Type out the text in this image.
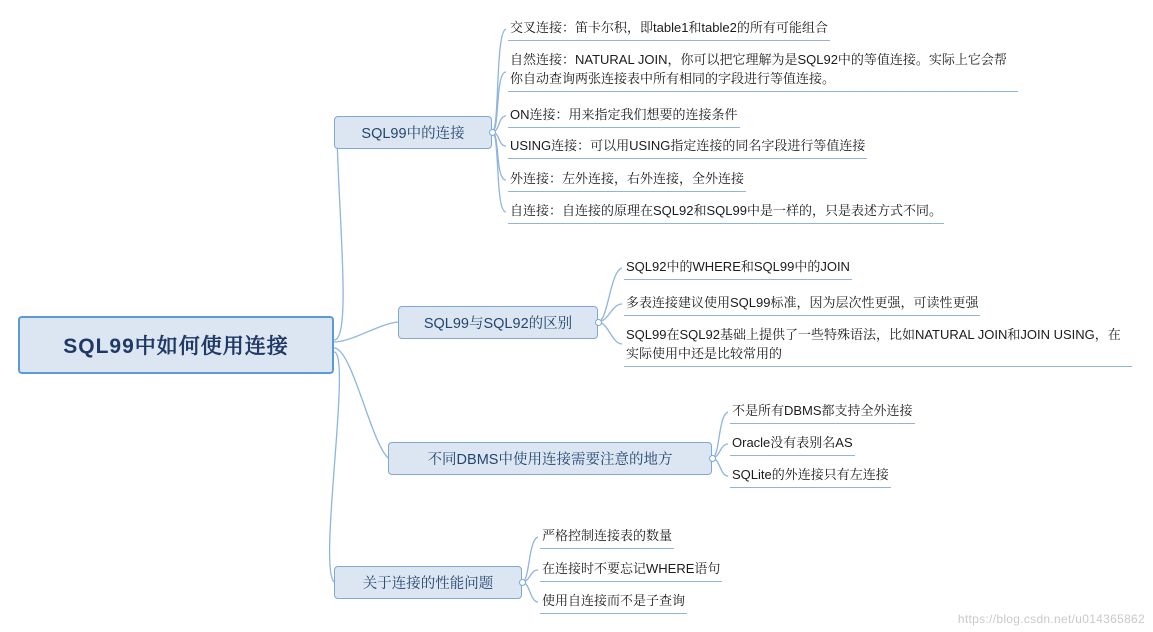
SQL99中如何使用连接
SQL99中的连接
交叉连接：笛卡尔积，即table1和table2的所有可能组合
自然连接：NATURAL JOIN，你可以把它理解为是SQL92中的等值连接。实际上它会帮你自动查询两张连接表中所有相同的字段进行等值连接。
ON连接：用来指定我们想要的连接条件
USING连接：可以用USING指定连接的同名字段进行等值连接
外连接：左外连接，右外连接，全外连接
自连接：自连接的原理在SQL92和SQL99中是一样的，只是表述方式不同。
SQL99与SQL92的区别
SQL92中的WHERE和SQL99中的JOIN
多表连接建议使用SQL99标准，因为层次性更强，可读性更强
SQL99在SQL92基础上提供了一些特殊语法，比如NATURAL JOIN和JOIN USING，在实际使用中还是比较常用的
不同DBMS中使用连接需要注意的地方
不是所有DBMS都支持全外连接
Oracle没有表别名AS
SQLite的外连接只有左连接
关于连接的性能问题
严格控制连接表的数量
在连接时不要忘记WHERE语句
使用自连接而不是子查询
https://blog.csdn.net/u014365862
